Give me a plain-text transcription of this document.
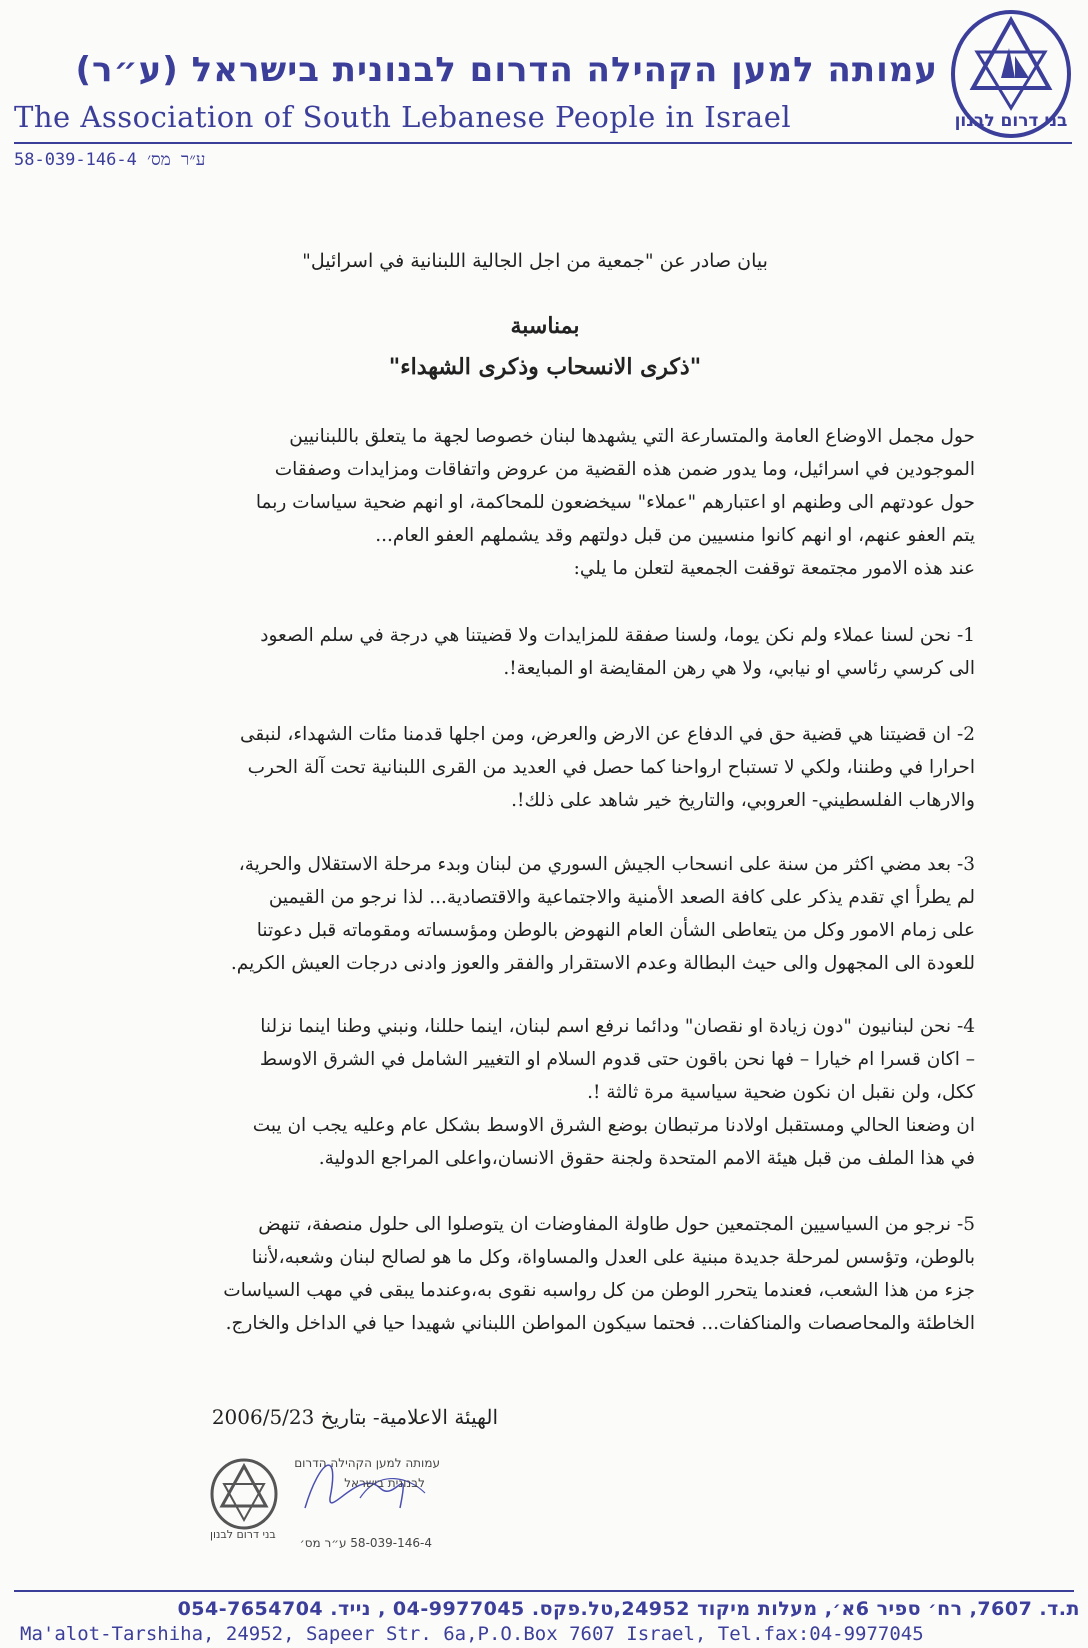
עמותה למען הקהילה הדרום לבנונית בישראל (ע״ר)
The Association of South Lebanese People in Israel
58-039-146-4 ע״ר מס׳
בני דרום לבנון
بيان صادر عن "جمعية من اجل الجالية اللبنانية في اسرائيل"
بمناسبة
"ذكرى الانسحاب وذكرى الشهداء"
حول مجمل الاوضاع العامة والمتسارعة التي يشهدها لبنان خصوصا لجهة ما يتعلق باللبنانيين
الموجودين في اسرائيل، وما يدور ضمن هذه القضية من عروض واتفاقات ومزايدات وصفقات
حول عودتهم الى وطنهم او اعتبارهم "عملاء" سيخضعون للمحاكمة، او انهم ضحية سياسات ربما
يتم العفو عنهم، او انهم كانوا منسيين من قبل دولتهم وقد يشملهم العفو العام...
عند هذه الامور مجتمعة توقفت الجمعية لتعلن ما يلي:
1- نحن لسنا عملاء ولم نكن يوما، ولسنا صفقة للمزايدات ولا قضيتنا هي درجة في سلم الصعود
الى كرسي رئاسي او نيابي، ولا هي رهن المقايضة او المبايعة!.
2- ان قضيتنا هي قضية حق في الدفاع عن الارض والعرض، ومن اجلها قدمنا مئات الشهداء، لنبقى
احرارا في وطننا، ولكي لا تستباح ارواحنا كما حصل في العديد من القرى اللبنانية تحت آلة الحرب
والارهاب الفلسطيني- العروبي، والتاريخ خير شاهد على ذلك!.
3- بعد مضي اكثر من سنة على انسحاب الجيش السوري من لبنان وبدء مرحلة الاستقلال والحرية،
لم يطرأ اي تقدم يذكر على كافة الصعد الأمنية والاجتماعية والاقتصادية... لذا نرجو من القيمين
على زمام الامور وكل من يتعاطى الشأن العام النهوض بالوطن ومؤسساته ومقوماته قبل دعوتنا
للعودة الى المجهول والى حيث البطالة وعدم الاستقرار والفقر والعوز وادنى درجات العيش الكريم.
4- نحن لبنانيون "دون زيادة او نقصان" ودائما نرفع اسم لبنان، اينما حللنا، ونبني وطنا اينما نزلنا
– اكان قسرا ام خيارا – فها نحن باقون حتى قدوم السلام او التغيير الشامل في الشرق الاوسط
ككل، ولن نقبل ان نكون ضحية سياسية مرة ثالثة !.
ان وضعنا الحالي ومستقبل اولادنا مرتبطان بوضع الشرق الاوسط بشكل عام وعليه يجب ان يبت
في هذا الملف من قبل هيئة الامم المتحدة ولجنة حقوق الانسان،واعلى المراجع الدولية.
5- نرجو من السياسيين المجتمعين حول طاولة المفاوضات ان يتوصلوا الى حلول منصفة، تنهض
بالوطن، وتؤسس لمرحلة جديدة مبنية على العدل والمساواة، وكل ما هو لصالح لبنان وشعبه،لأننا
جزء من هذا الشعب، فعندما يتحرر الوطن من كل رواسبه نقوى به،وعندما يبقى في مهب السياسات
الخاطئة والمحاصصات والمناكفات... فحتما سيكون المواطن اللبناني شهيدا حيا في الداخل والخارج.
الهيئة الاعلامية- بتاريخ 2006/5/23
עמותה למען הקהילה הדרום
לבנונית בישראל
58-039-146-4 ע״ר מס׳
בני דרום לבנון
ת.ד. 7607, רח׳ ספיר 6א׳, מעלות מיקוד 24952,טל.פקס. 04-9977045 , נייד. 054-7654704
Ma'alot-Tarshiha, 24952, Sapeer Str. 6a,P.O.Box 7607 Israel, Tel.fax:04-9977045
